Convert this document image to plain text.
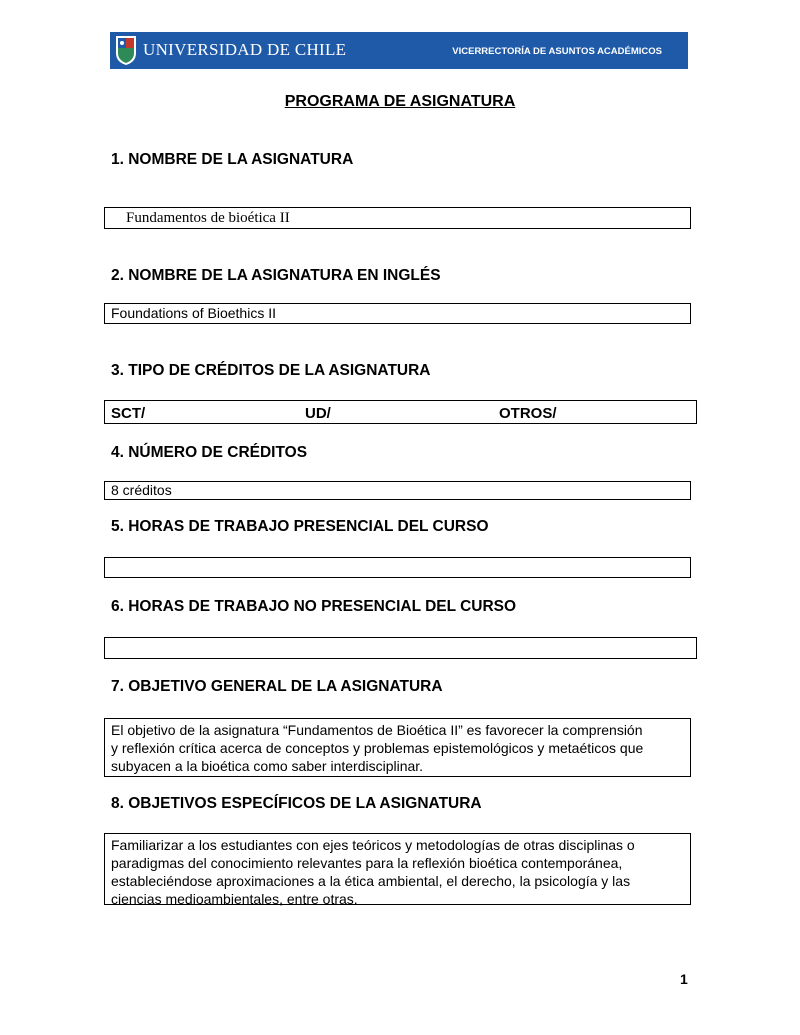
UNIVERSIDAD DE CHILE	VICERRECTORÍA DE ASUNTOS ACADÉMICOS
PROGRAMA DE ASIGNATURA
1. NOMBRE DE LA ASIGNATURA
Fundamentos de bioética II
2. NOMBRE DE LA ASIGNATURA EN INGLÉS
Foundations of Bioethics II
3. TIPO DE CRÉDITOS DE LA ASIGNATURA
SCT/	UD/	OTROS/
4. NÚMERO DE CRÉDITOS
8 créditos
5. HORAS DE TRABAJO PRESENCIAL DEL CURSO
6. HORAS DE TRABAJO NO PRESENCIAL DEL CURSO
7. OBJETIVO GENERAL DE LA ASIGNATURA
El objetivo de la asignatura “Fundamentos de Bioética II” es favorecer la comprensión
y reflexión crítica acerca de conceptos y problemas epistemológicos y metaéticos que
subyacen a la bioética como saber interdisciplinar.
8. OBJETIVOS ESPECÍFICOS DE LA ASIGNATURA
Familiarizar a los estudiantes con ejes teóricos y metodologías de otras disciplinas o
paradigmas del conocimiento relevantes para la reflexión bioética contemporánea,
estableciéndose aproximaciones a la ética ambiental, el derecho, la psicología y las
ciencias medioambientales, entre otras.
1
